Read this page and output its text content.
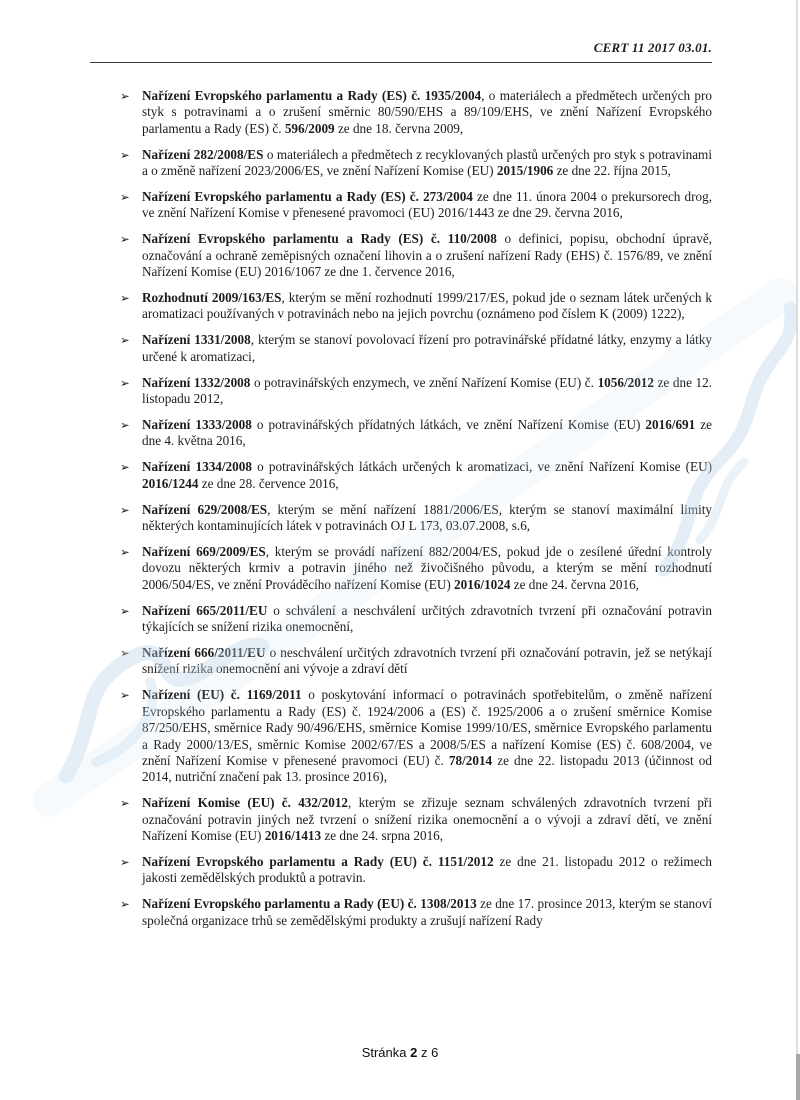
CERT 11 2017 03.01.
➢ Nařízení Evropského parlamentu a Rady (ES) č. 1935/2004, o materiálech a předmětech určených pro styk s potravinami a o zrušení směrnic 80/590/EHS a 89/109/EHS, ve znění Nařízení Evropského parlamentu a Rady (ES) č. 596/2009 ze dne 18. června 2009,
➢ Nařízení 282/2008/ES o materiálech a předmětech z recyklovaných plastů určených pro styk s potravinami a o změně nařízení 2023/2006/ES, ve znění Nařízení Komise (EU) 2015/1906 ze dne 22. října 2015,
➢ Nařízení Evropského parlamentu a Rady (ES) č. 273/2004 ze dne 11. února 2004 o prekursorech drog, ve znění Nařízení Komise v přenesené pravomoci (EU) 2016/1443 ze dne 29. června 2016,
➢ Nařízení Evropského parlamentu a Rady (ES) č. 110/2008 o definici, popisu, obchodní úpravě, označování a ochraně zeměpisných označení lihovin a o zrušení nařízení Rady (EHS) č. 1576/89, ve znění Nařízení Komise (EU) 2016/1067 ze dne 1. července 2016,
➢ Rozhodnutí 2009/163/ES, kterým se mění rozhodnutí 1999/217/ES, pokud jde o seznam látek určených k aromatizaci používaných v potravinách nebo na jejich povrchu (oznámeno pod číslem K (2009) 1222),
➢ Nařízení 1331/2008, kterým se stanoví povolovací řízení pro potravinářské přídatné látky, enzymy a látky určené k aromatizaci,
➢ Nařízení 1332/2008 o potravinářských enzymech, ve znění Nařízení Komise (EU) č. 1056/2012 ze dne 12. listopadu 2012,
➢ Nařízení 1333/2008 o potravinářských přídatných látkách, ve znění Nařízení Komise (EU) 2016/691 ze dne 4. května 2016,
➢ Nařízení 1334/2008 o potravinářských látkách určených k aromatizaci, ve znění Nařízení Komise (EU) 2016/1244 ze dne 28. července 2016,
➢ Nařízení 629/2008/ES, kterým se mění nařízení 1881/2006/ES, kterým se stanoví maximální limity některých kontaminujících látek v potravinách OJ L 173, 03.07.2008, s.6,
➢ Nařízení 669/2009/ES, kterým se provádí nařízení 882/2004/ES, pokud jde o zesílené úřední kontroly dovozu některých krmiv a potravin jiného než živočišného původu, a kterým se mění rozhodnutí 2006/504/ES, ve znění Prováděcího nařízení Komise (EU) 2016/1024 ze dne 24. června 2016,
➢ Nařízení 665/2011/EU o schválení a neschválení určitých zdravotních tvrzení při označování potravin týkajících se snížení rizika onemocnění,
➢ Nařízení 666/2011/EU o neschválení určitých zdravotních tvrzení při označování potravin, jež se netýkají snížení rizika onemocnění ani vývoje a zdraví dětí
➢ Nařízení (EU) č. 1169/2011 o poskytování informací o potravinách spotřebitelům, o změně nařízení Evropského parlamentu a Rady (ES) č. 1924/2006 a (ES) č. 1925/2006 a o zrušení směrnice Komise 87/250/EHS, směrnice Rady 90/496/EHS, směrnice Komise 1999/10/ES, směrnice Evropského parlamentu a Rady 2000/13/ES, směrnic Komise 2002/67/ES a 2008/5/ES a nařízení Komise (ES) č. 608/2004, ve znění Nařízení Komise v přenesené pravomoci (EU) č. 78/2014 ze dne 22. listopadu 2013 (účinnost od 2014, nutriční značení pak 13. prosince 2016),
➢ Nařízení Komise (EU) č. 432/2012, kterým se zřizuje seznam schválených zdravotních tvrzení při označování potravin jiných než tvrzení o snížení rizika onemocnění a o vývoji a zdraví dětí, ve znění Nařízení Komise (EU) 2016/1413 ze dne 24. srpna 2016,
➢ Nařízení Evropského parlamentu a Rady (EU) č. 1151/2012 ze dne 21. listopadu 2012 o režimech jakosti zemědělských produktů a potravin.
➢ Nařízení Evropského parlamentu a Rady (EU) č. 1308/2013 ze dne 17. prosince 2013, kterým se stanoví společná organizace trhů se zemědělskými produkty a zrušují nařízení Rady
Stránka 2 z 6
